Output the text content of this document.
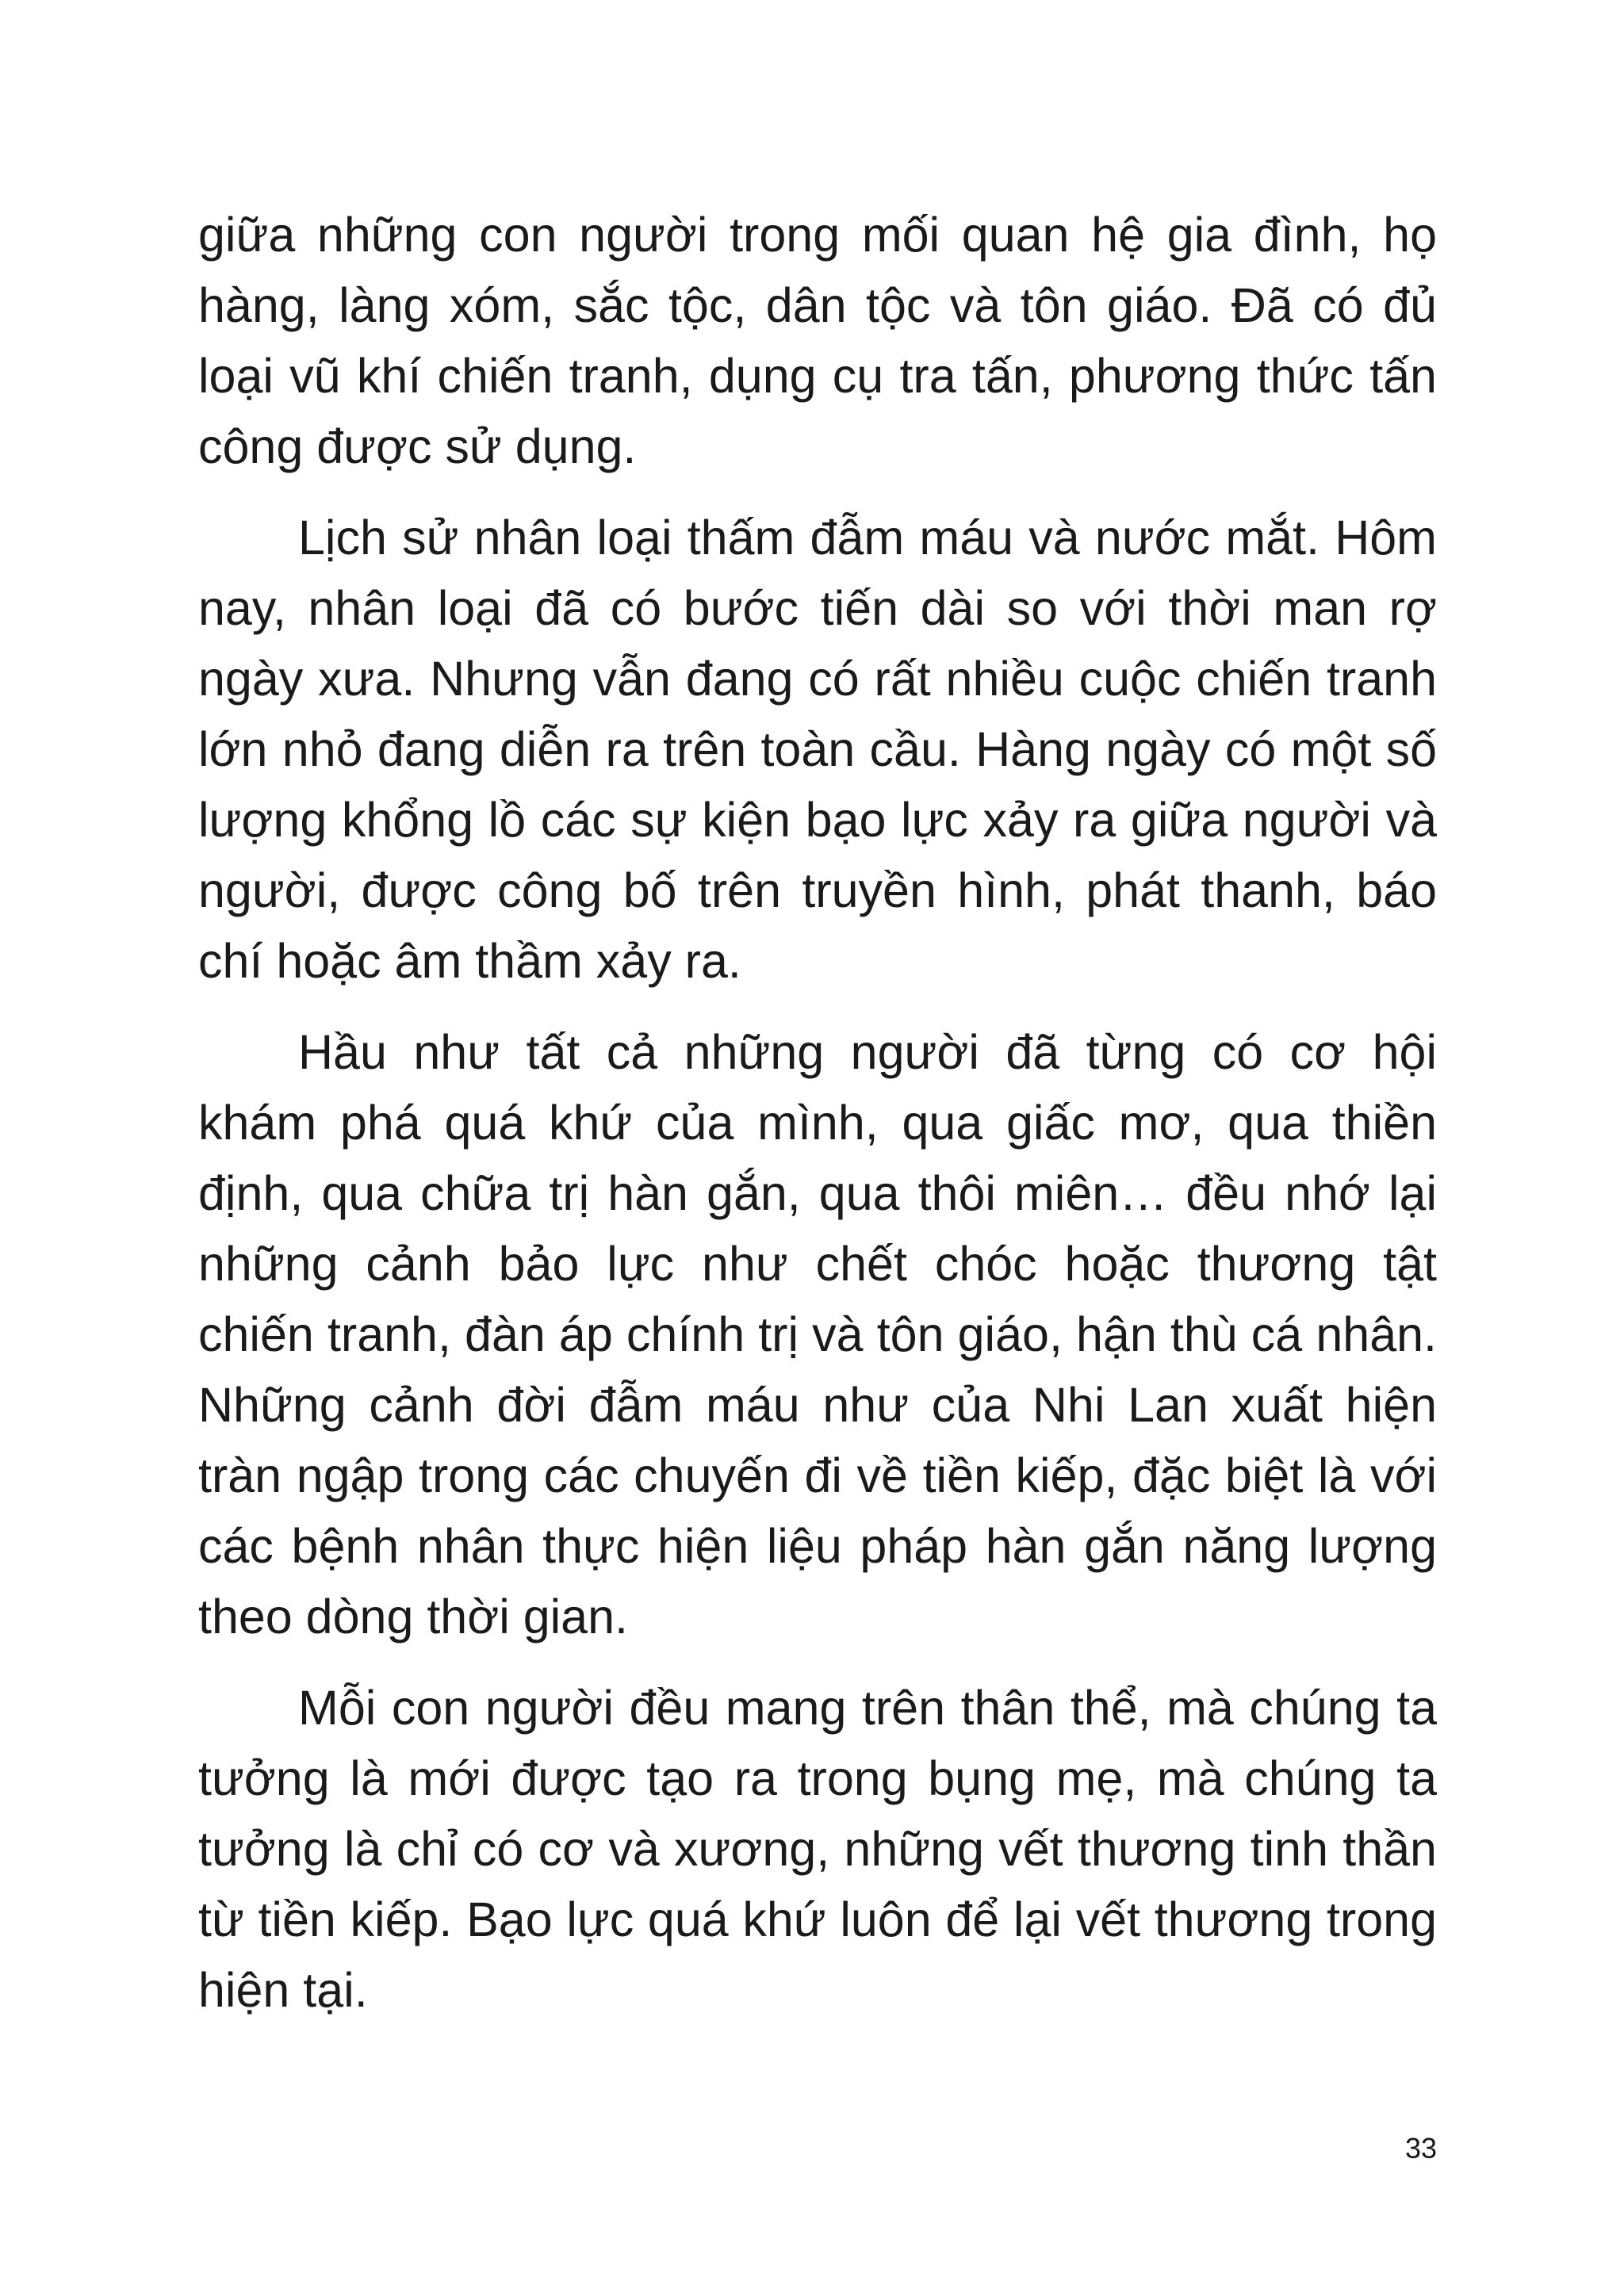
giữa những con người trong mối quan hệ gia đình, họ hàng, làng xóm, sắc tộc, dân tộc và tôn giáo. Đã có đủ loại vũ khí chiến tranh, dụng cụ tra tấn, phương thức tấn công được sử dụng.

Lịch sử nhân loại thấm đẫm máu và nước mắt. Hôm nay, nhân loại đã có bước tiến dài so với thời man rợ ngày xưa. Nhưng vẫn đang có rất nhiều cuộc chiến tranh lớn nhỏ đang diễn ra trên toàn cầu. Hàng ngày có một số lượng khổng lồ các sự kiện bạo lực xảy ra giữa người và người, được công bố trên truyền hình, phát thanh, báo chí hoặc âm thầm xảy ra.

Hầu như tất cả những người đã từng có cơ hội khám phá quá khứ của mình, qua giấc mơ, qua thiền định, qua chữa trị hàn gắn, qua thôi miên… đều nhớ lại những cảnh bảo lực như chết chóc hoặc thương tật chiến tranh, đàn áp chính trị và tôn giáo, hận thù cá nhân. Những cảnh đời đẫm máu như của Nhi Lan xuất hiện tràn ngập trong các chuyến đi về tiền kiếp, đặc biệt là với các bệnh nhân thực hiện liệu pháp hàn gắn năng lượng theo dòng thời gian.

Mỗi con người đều mang trên thân thể, mà chúng ta tưởng là mới được tạo ra trong bụng mẹ, mà chúng ta tưởng là chỉ có cơ và xương, những vết thương tinh thần từ tiền kiếp. Bạo lực quá khứ luôn để lại vết thương trong hiện tại.

33
